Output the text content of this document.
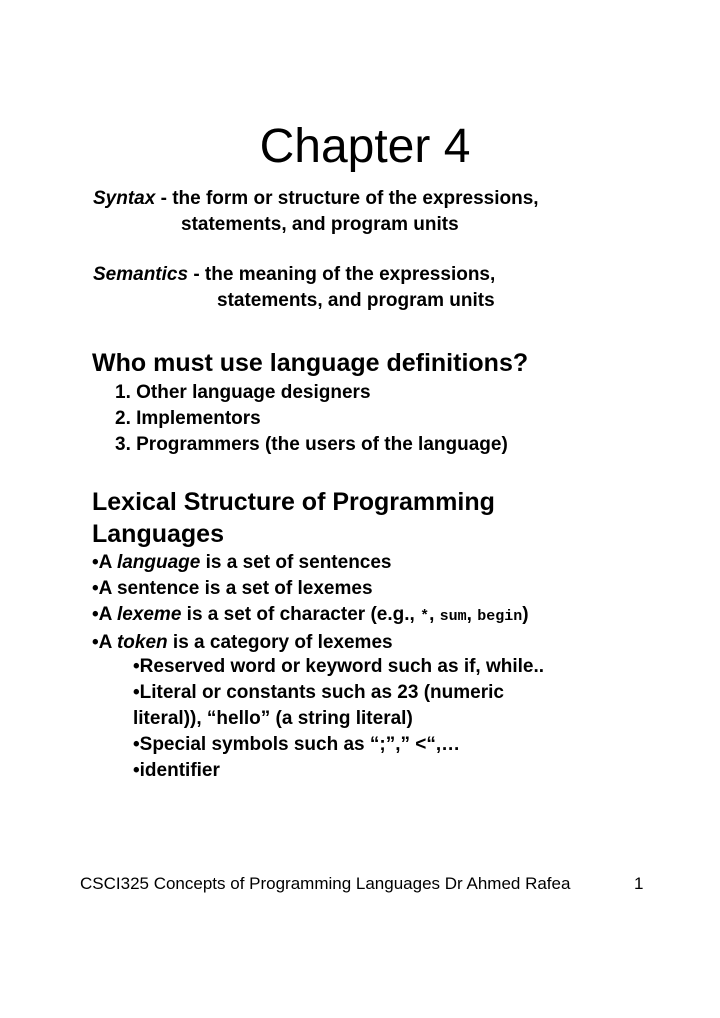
Chapter 4
Syntax - the form or structure of the expressions,
statements, and program units
Semantics - the meaning of the expressions,
statements, and program units
Who must use language definitions?
1. Other language designers
2. Implementors
3. Programmers (the users of the language)
Lexical Structure of Programming
Languages
•A language is a set of sentences
•A sentence is a set of lexemes
•A lexeme is a set of character (e.g., *, sum, begin)
•A token is a category of lexemes
•Reserved word or keyword such as if, while..
•Literal or constants such as 23 (numeric
literal)), “hello” (a string literal)
•Special symbols such as “;”,” <“,…
•identifier
CSCI325 Concepts of Programming Languages Dr Ahmed Rafea	1
